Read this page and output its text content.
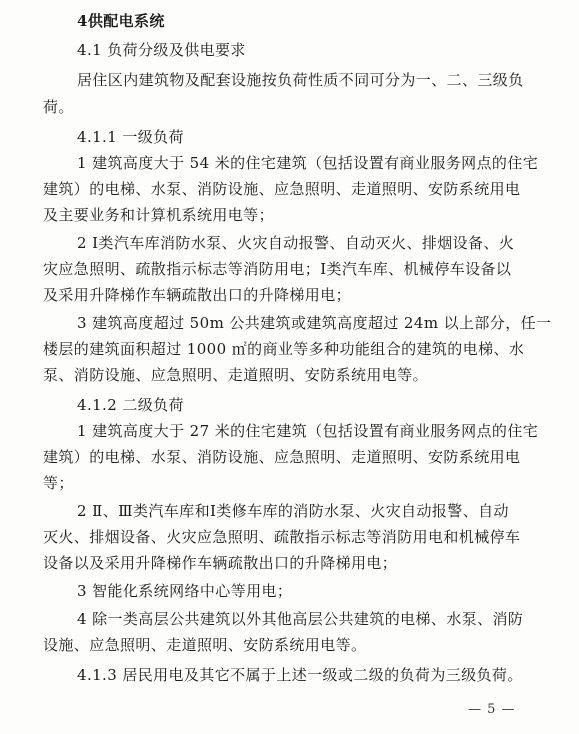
4供配电系统
4.1 负荷分级及供电要求
居住区内建筑物及配套设施按负荷性质不同可分为一、二、三级负
荷。
4.1.1 一级负荷
1 建筑高度大于 54 米的住宅建筑（包括设置有商业服务网点的住宅
建筑）的电梯、水泵、消防设施、应急照明、走道照明、安防系统用电
及主要业务和计算机系统用电等；
2 Ⅰ类汽车库消防水泵、火灾自动报警、自动灭火、排烟设备、火
灾应急照明、疏散指示标志等消防用电；Ⅰ类汽车库、机械停车设备以
及采用升降梯作车辆疏散出口的升降梯用电；
3 建筑高度超过 50m 公共建筑或建筑高度超过 24m 以上部分，任一
楼层的建筑面积超过 1000 ㎡的商业等多种功能组合的建筑的电梯、水
泵、消防设施、应急照明、走道照明、安防系统用电等。
4.1.2 二级负荷
1 建筑高度大于 27 米的住宅建筑（包括设置有商业服务网点的住宅
建筑）的电梯、水泵、消防设施、应急照明、走道照明、安防系统用电
等；
2 Ⅱ、Ⅲ类汽车库和Ⅰ类修车库的消防水泵、火灾自动报警、自动
灭火、排烟设备、火灾应急照明、疏散指示标志等消防用电和机械停车
设备以及采用升降梯作车辆疏散出口的升降梯用电；
3 智能化系统网络中心等用电；
4 除一类高层公共建筑以外其他高层公共建筑的电梯、水泵、消防
设施、应急照明、走道照明、安防系统用电等。
4.1.3 居民用电及其它不属于上述一级或二级的负荷为三级负荷。
— 5 —
